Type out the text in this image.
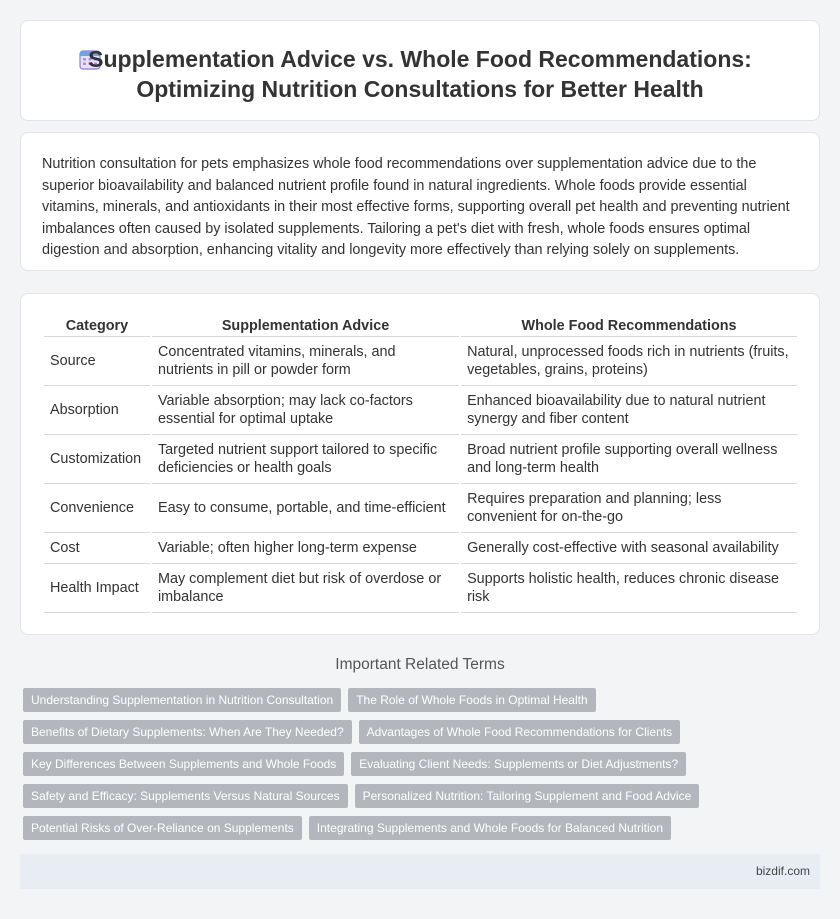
Supplementation Advice vs. Whole Food Recommendations:
Optimizing Nutrition Consultations for Better Health

Nutrition consultation for pets emphasizes whole food recommendations over supplementation advice due to the superior bioavailability and balanced nutrient profile found in natural ingredients. Whole foods provide essential vitamins, minerals, and antioxidants in their most effective forms, supporting overall pet health and preventing nutrient imbalances often caused by isolated supplements. Tailoring a pet's diet with fresh, whole foods ensures optimal digestion and absorption, enhancing vitality and longevity more effectively than relying solely on supplements.

Category	Supplementation Advice	Whole Food Recommendations
Source	Concentrated vitamins, minerals, and nutrients in pill or powder form	Natural, unprocessed foods rich in nutrients (fruits, vegetables, grains, proteins)
Absorption	Variable absorption; may lack co-factors essential for optimal uptake	Enhanced bioavailability due to natural nutrient synergy and fiber content
Customization	Targeted nutrient support tailored to specific deficiencies or health goals	Broad nutrient profile supporting overall wellness and long-term health
Convenience	Easy to consume, portable, and time-efficient	Requires preparation and planning; less convenient for on-the-go
Cost	Variable; often higher long-term expense	Generally cost-effective with seasonal availability
Health Impact	May complement diet but risk of overdose or imbalance	Supports holistic health, reduces chronic disease risk
Important Related Terms
Understanding Supplementation in Nutrition Consultation	The Role of Whole Foods in Optimal Health
Benefits of Dietary Supplements: When Are They Needed?	Advantages of Whole Food Recommendations for Clients
Key Differences Between Supplements and Whole Foods	Evaluating Client Needs: Supplements or Diet Adjustments?
Safety and Efficacy: Supplements Versus Natural Sources	Personalized Nutrition: Tailoring Supplement and Food Advice
Potential Risks of Over-Reliance on Supplements	Integrating Supplements and Whole Foods for Balanced Nutrition
bizdif.com
